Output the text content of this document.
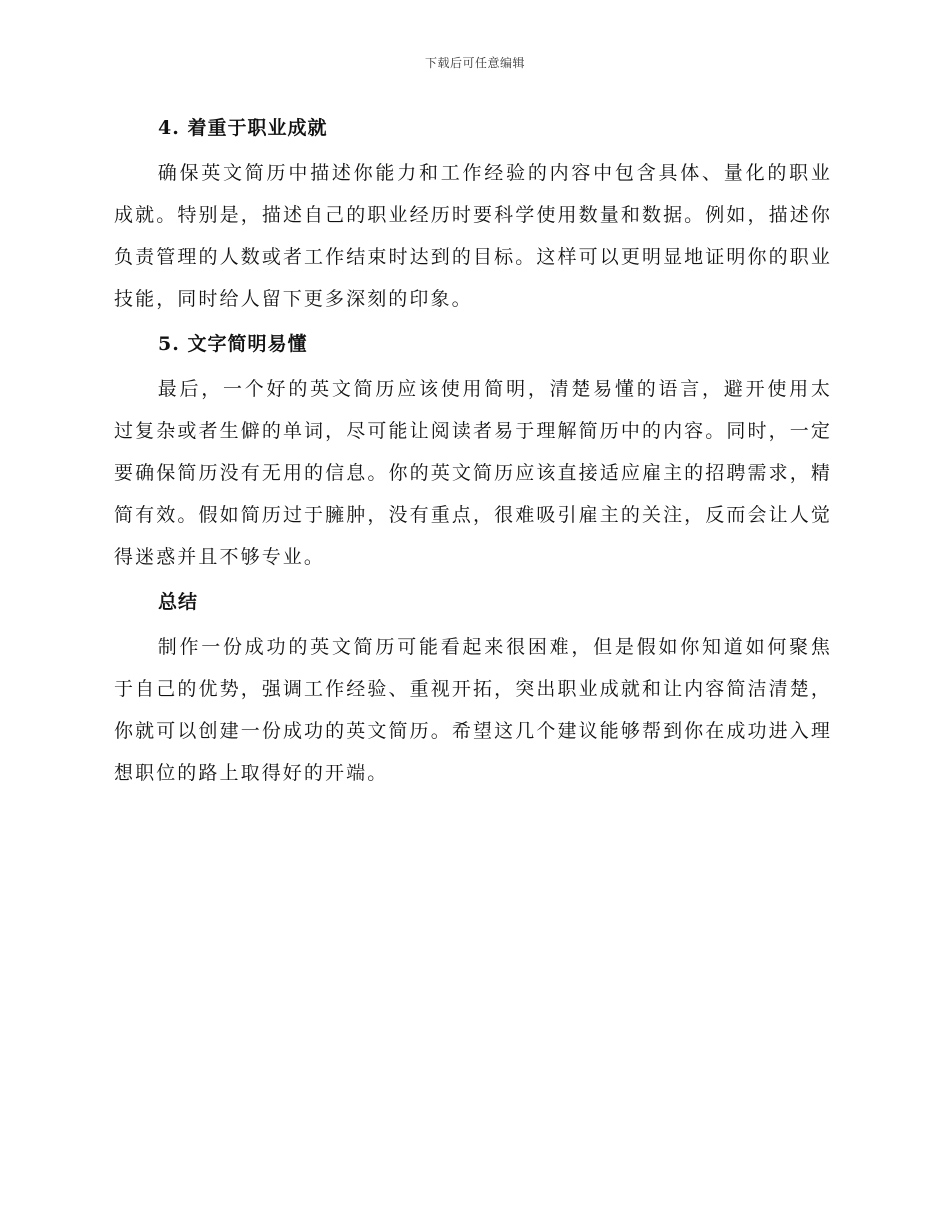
下载后可任意编辑
4. 着重于职业成就

确保英文简历中描述你能力和工作经验的内容中包含具体、量化的职业成就。特别是，描述自己的职业经历时要科学使用数量和数据。例如，描述你负责管理的人数或者工作结束时达到的目标。这样可以更明显地证明你的职业技能，同时给人留下更多深刻的印象。

5. 文字简明易懂

最后，一个好的英文简历应该使用简明，清楚易懂的语言，避开使用太过复杂或者生僻的单词，尽可能让阅读者易于理解简历中的内容。同时，一定要确保简历没有无用的信息。你的英文简历应该直接适应雇主的招聘需求，精简有效。假如简历过于臃肿，没有重点，很难吸引雇主的关注，反而会让人觉得迷惑并且不够专业。

总结

制作一份成功的英文简历可能看起来很困难，但是假如你知道如何聚焦于自己的优势，强调工作经验、重视开拓，突出职业成就和让内容简洁清楚，你就可以创建一份成功的英文简历。希望这几个建议能够帮到你在成功进入理想职位的路上取得好的开端。
